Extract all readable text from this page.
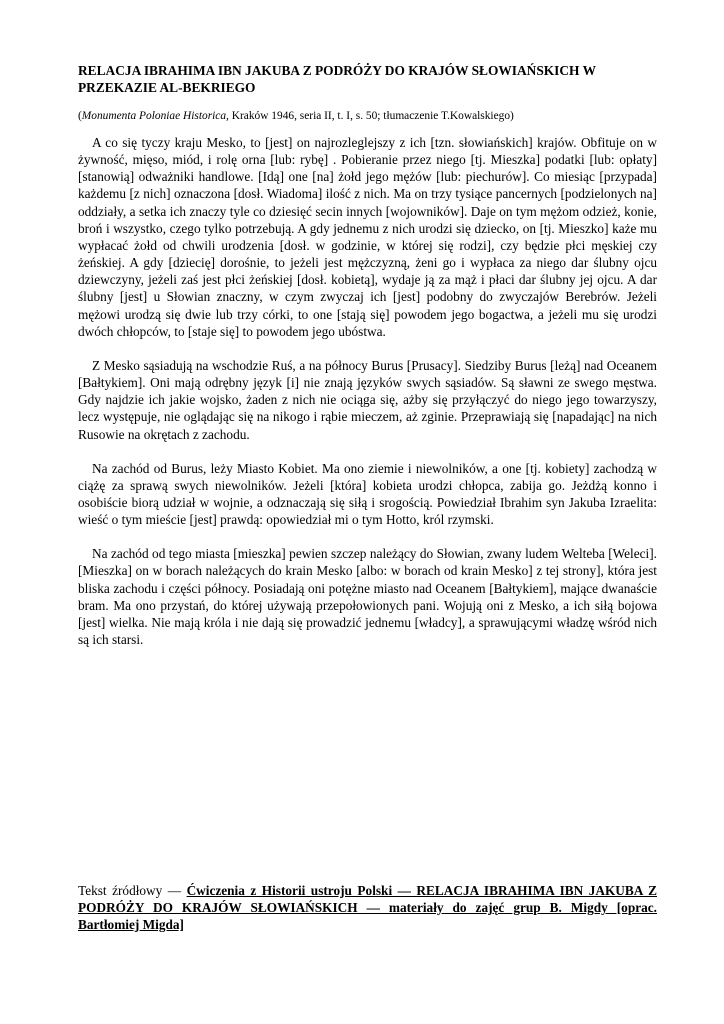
RELACJA IBRAHIMA IBN JAKUBA Z PODRÓŻY DO KRAJÓW SŁOWIAŃSKICH W PRZEKAZIE AL-BEKRIEGO

(Monumenta Poloniae Historica, Kraków 1946, seria II, t. I, s. 50; tłumaczenie T.Kowalskiego)

A co się tyczy kraju Mesko, to [jest] on najrozleglejszy z ich [tzn. słowiańskich] krajów. Obfituje on w żywność, mięso, miód, i rolę orna [lub: rybę] . Pobieranie przez niego [tj. Mieszka] podatki [lub: opłaty] [stanowią] odważniki handlowe. [Idą] one [na] żołd jego mężów [lub: piechurów]. Co miesiąc [przypada] każdemu [z nich] oznaczona [dosł. Wiadoma] ilość z nich. Ma on trzy tysiące pancernych [podzielonych na] oddziały, a setka ich znaczy tyle co dziesięć secin innych [wojowników]. Daje on tym mężom odzież, konie, broń i wszystko, czego tylko potrzebują. A gdy jednemu z nich urodzi się dziecko, on [tj. Mieszko] każe mu wypłacać żołd od chwili urodzenia [dosł. w godzinie, w której się rodzi], czy będzie płci męskiej czy żeńskiej. A gdy [dziecię] dorośnie, to jeżeli jest mężczyzną, żeni go i wypłaca za niego dar ślubny ojcu dziewczyny, jeżeli zaś jest płci żeńskiej [dosł. kobietą], wydaje ją za mąż i płaci dar ślubny jej ojcu. A dar ślubny [jest] u Słowian znaczny, w czym zwyczaj ich [jest] podobny do zwyczajów Berebrów. Jeżeli mężowi urodzą się dwie lub trzy córki, to one [stają się] powodem jego bogactwa, a jeżeli mu się urodzi dwóch chłopców, to [staje się] to powodem jego ubóstwa.

Z Mesko sąsiadują na wschodzie Ruś, a na północy Burus [Prusacy]. Siedziby Burus [leżą] nad Oceanem [Bałtykiem]. Oni mają odrębny język [i] nie znają języków swych sąsiadów. Są sławni ze swego męstwa. Gdy najdzie ich jakie wojsko, żaden z nich nie ociąga się, ażby się przyłączyć do niego jego towarzyszy, lecz występuje, nie oglądając się na nikogo i rąbie mieczem, aż zginie. Przeprawiają się [napadając] na nich Rusowie na okrętach z zachodu.

Na zachód od Burus, leży Miasto Kobiet. Ma ono ziemie i niewolników, a one [tj. kobiety] zachodzą w ciążę za sprawą swych niewolników. Jeżeli [która] kobieta urodzi chłopca, zabija go. Jeżdżą konno i osobiście biorą udział w wojnie, a odznaczają się siłą i srogością. Powiedział Ibrahim syn Jakuba Izraelita: wieść o tym mieście [jest] prawdą: opowiedział mi o tym Hotto, król rzymski.

Na zachód od tego miasta [mieszka] pewien szczep należący do Słowian, zwany ludem Welteba [Weleci]. [Mieszka] on w borach należących do krain Mesko [albo: w borach od krain Mesko] z tej strony], która jest bliska zachodu i części północy. Posiadają oni potężne miasto nad Oceanem [Bałtykiem], mające dwanaście bram. Ma ono przystań, do której używają przepołowionych pani. Wojują oni z Mesko, a ich siłą bojowa [jest] wielka. Nie mają króla i nie dają się prowadzić jednemu [władcy], a sprawującymi władzę wśród nich są ich starsi.

Tekst źródłowy — Ćwiczenia z Historii ustroju Polski — RELACJA IBRAHIMA IBN JAKUBA Z PODRÓŻY DO KRAJÓW SŁOWIAŃSKICH — materiały do zajęć grup B. Migdy [oprac. Bartłomiej Migda]
